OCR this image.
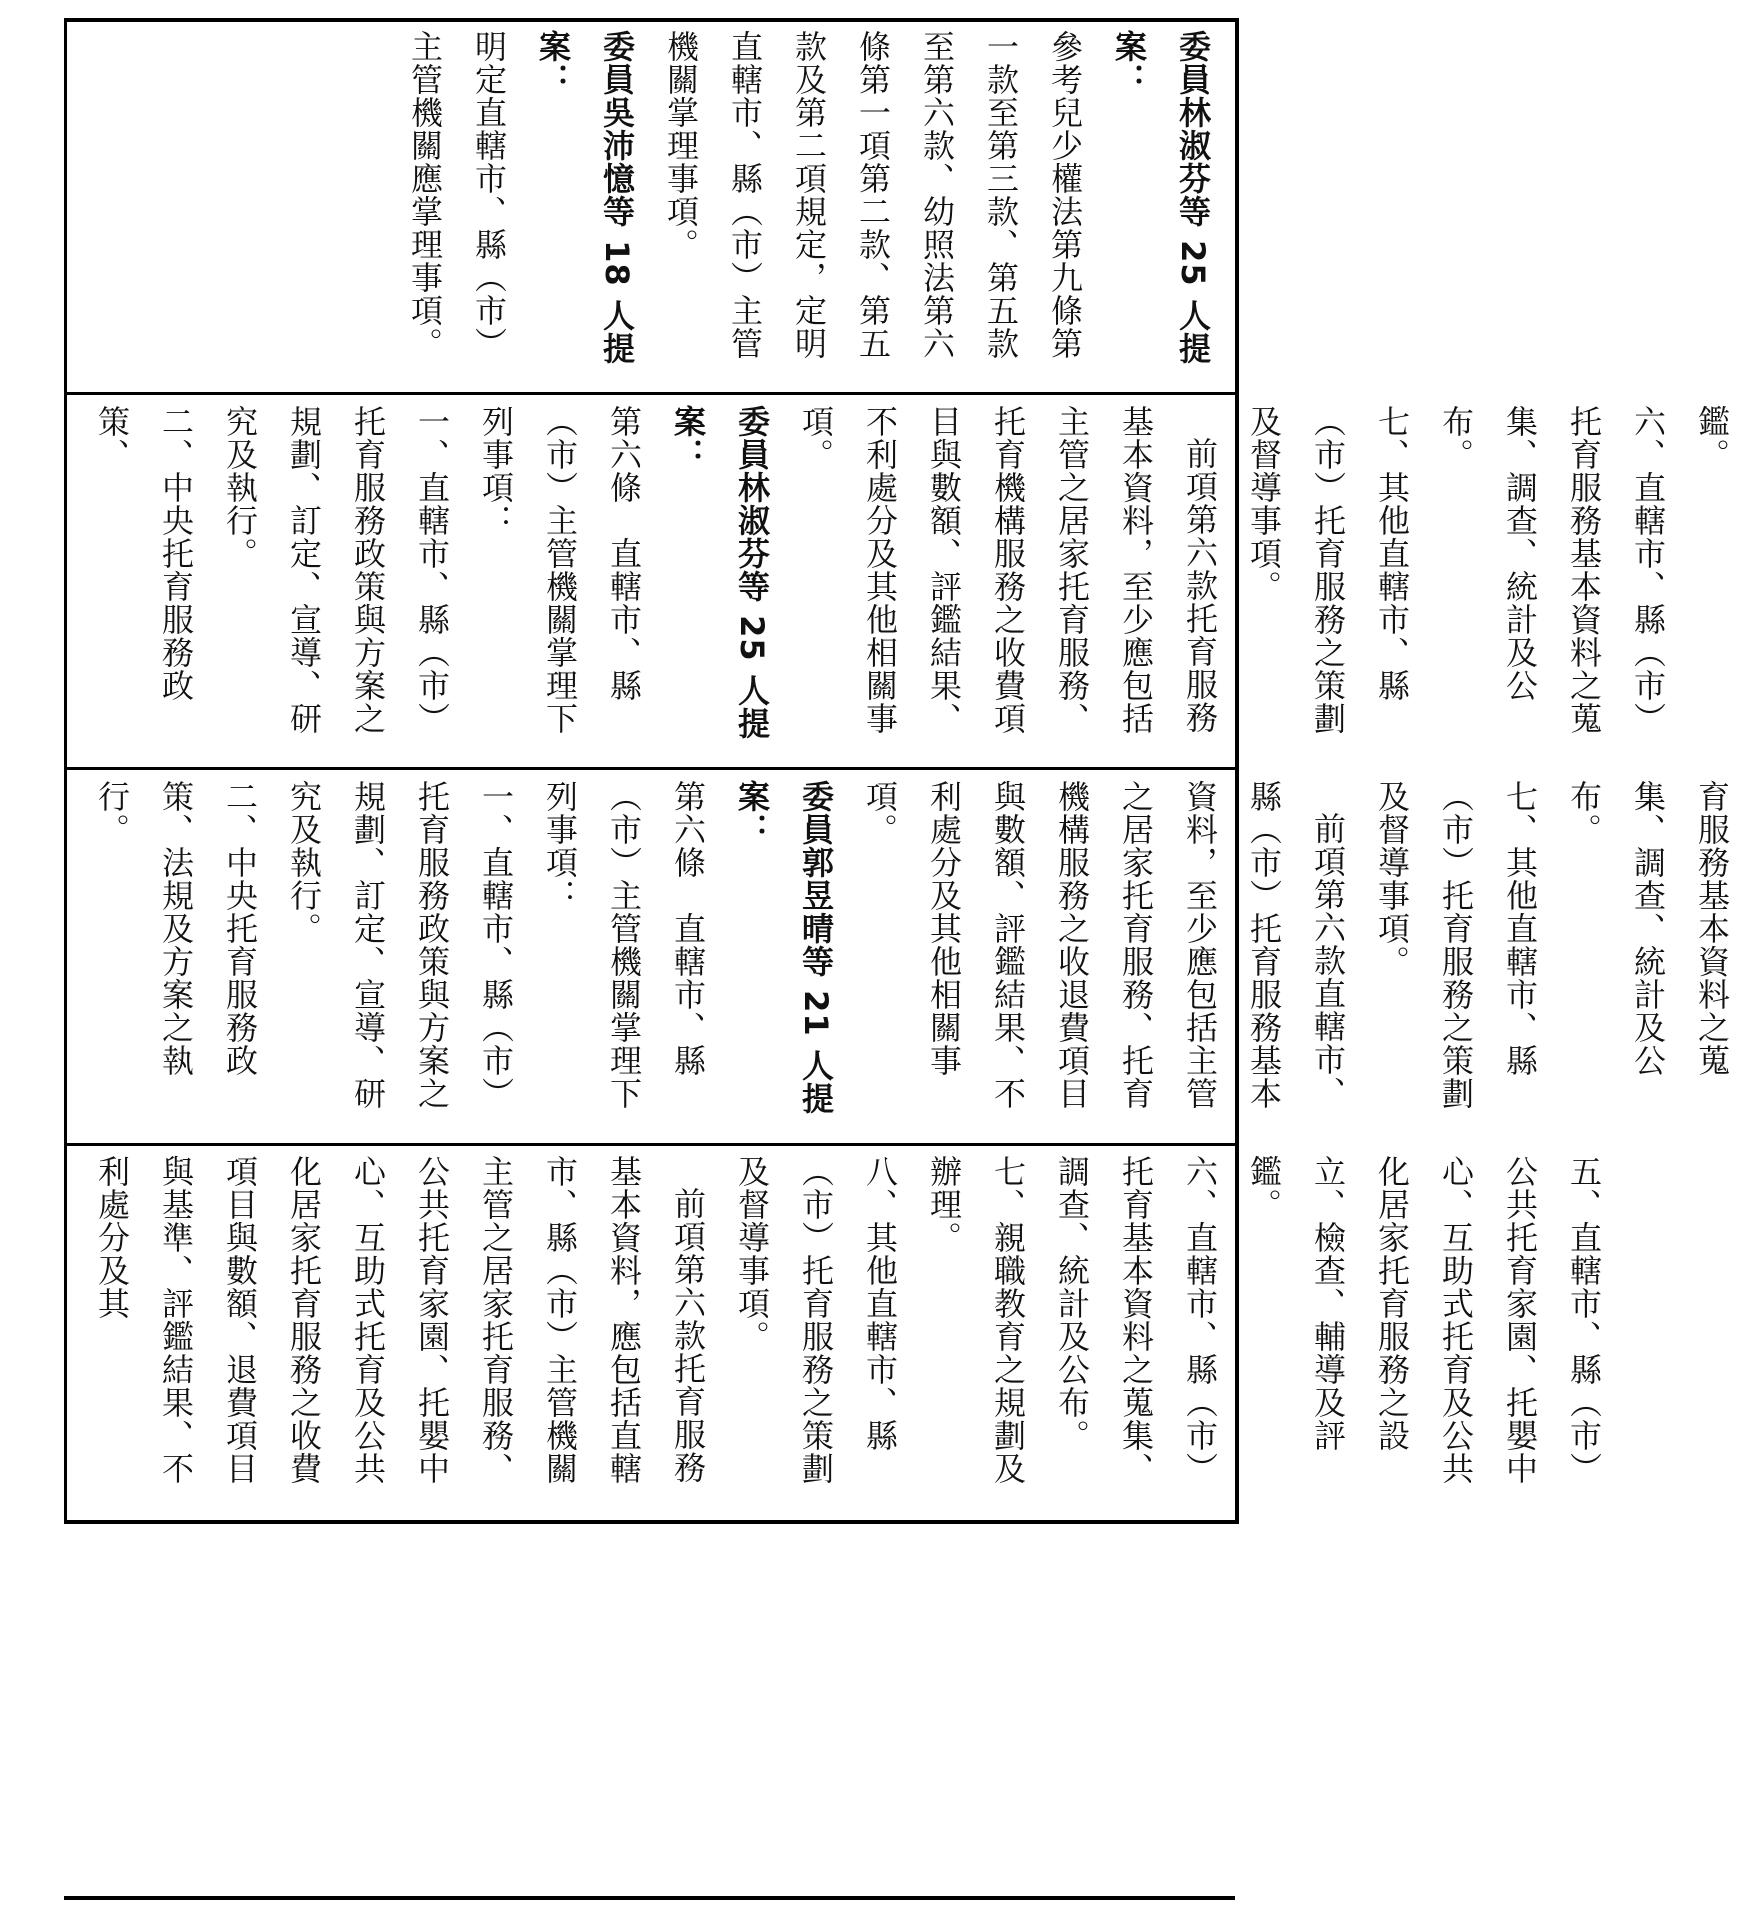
委員林淑芬等 25 人提案：

參考兒少權法第九條第一款至第三款、第五款至第六款、幼照法第六條第一項第二款、第五款及第二項規定，定明直轄市、縣（市）主管機關掌理事項。

委員吳沛憶等 18 人提案：

明定直轄市、縣（市）主管機關應掌理事項。

鑑。

六、直轄市、縣（市）托育服務基本資料之蒐集、調查、統計及公布。

七、其他直轄市、縣（市）托育服務之策劃及督導事項。

前項第六款托育服務基本資料，至少應包括主管之居家托育服務、托育機構服務之收費項目與數額、評鑑結果、不利處分及其他相關事項。

委員林淑芬等 25 人提案：

第六條　直轄市、縣（市）主管機關掌理下列事項：

一、直轄市、縣（市）托育服務政策與方案之規劃、訂定、宣導、研究及執行。

二、中央托育服務政策、

育服務基本資料之蒐集、調查、統計及公布。

七、其他直轄市、縣（市）托育服務之策劃及督導事項。

前項第六款直轄市、縣（市）托育服務基本資料，至少應包括主管之居家托育服務、托育機構服務之收退費項目與數額、評鑑結果、不利處分及其他相關事項。

委員郭昱晴等 21 人提案：

第六條　直轄市、縣（市）主管機關掌理下列事項：

一、直轄市、縣（市）托育服務政策與方案之規劃、訂定、宣導、研究及執行。

二、中央托育服務政策、法規及方案之執行。

五、直轄市、縣（市）公共托育家園、托嬰中心、互助式托育及公共化居家托育服務之設立、檢查、輔導及評鑑。

六、直轄市、縣（市）托育基本資料之蒐集、調查、統計及公布。

七、親職教育之規劃及辦理。

八、其他直轄市、縣（市）托育服務之策劃及督導事項。

前項第六款托育服務基本資料，應包括直轄市、縣（市）主管機關主管之居家托育服務、公共托育家園、托嬰中心、互助式托育及公共化居家托育服務之收費項目與數額、退費項目與基準、評鑑結果、不利處分及其
